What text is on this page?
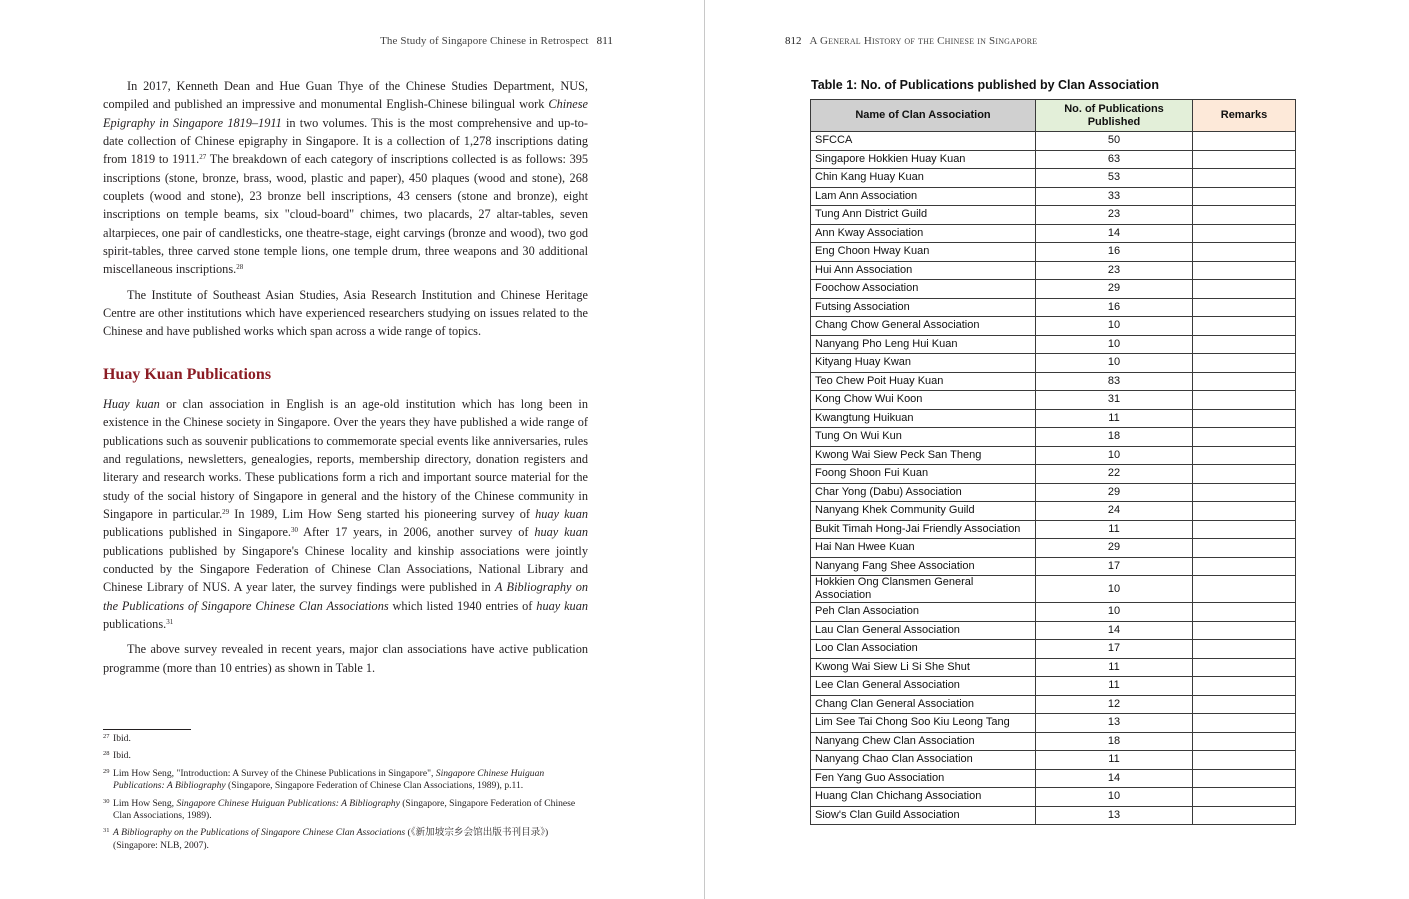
The Study of Singapore Chinese in Retrospect 811

In 2017, Kenneth Dean and Hue Guan Thye of the Chinese Studies Department, NUS, compiled and published an impressive and monumental English-Chinese bilingual work Chinese Epigraphy in Singapore 1819–1911 in two volumes. This is the most comprehensive and up-to-date collection of Chinese epigraphy in Singapore. It is a collection of 1,278 inscriptions dating from 1819 to 1911.27 The breakdown of each category of inscriptions collected is as follows: 395 inscriptions (stone, bronze, brass, wood, plastic and paper), 450 plaques (wood and stone), 268 couplets (wood and stone), 23 bronze bell inscriptions, 43 censers (stone and bronze), eight inscriptions on temple beams, six "cloud-board" chimes, two placards, 27 altar-tables, seven altarpieces, one pair of candlesticks, one theatre-stage, eight carvings (bronze and wood), two god spirit-tables, three carved stone temple lions, one temple drum, three weapons and 30 additional miscellaneous inscriptions.$^{28}$

The Institute of Southeast Asian Studies, Asia Research Institution and Chinese Heritage Centre are other institutions which have experienced researchers studying on issues related to the Chinese and have published works which span across a wide range of topics.

Huay Kuan Publications

Huay kuan or clan association in English is an age-old institution which has long been in existence in the Chinese society in Singapore. Over the years they have published a wide range of publications such as souvenir publications to commemorate special events like anniversaries, rules and regulations, newsletters, genealogies, reports, membership directory, donation registers and literary and research works. These publications form a rich and important source material for the study of the social history of Singapore in general and the history of the Chinese community in Singapore in particular.$^{29}$ In 1989, Lim How Seng started his pioneering survey of huay kuan publications published in Singapore.$^{30}$ After 17 years, in 2006, another survey of huay kuan publications published by Singapore's Chinese locality and kinship associations were jointly conducted by the Singapore Federation of Chinese Clan Associations, National Library and Chinese Library of NUS. A year later, the survey findings were published in A Bibliography on the Publications of Singapore Chinese Clan Associations which listed 1940 entries of huay kuan publications.$^{31}$

The above survey revealed in recent years, major clan associations have active publication programme (more than 10 entries) as shown in Table 1.

27 Ibid.
28 Ibid.
29 Lim How Seng, "Introduction: A Survey of the Chinese Publications in Singapore", Singapore Chinese Huiguan Publications: A Bibliography (Singapore, Singapore Federation of Chinese Clan Associations, 1989), p.11.
30 Lim How Seng, Singapore Chinese Huiguan Publications: A Bibliography (Singapore, Singapore Federation of Chinese Clan Associations, 1989).
31 A Bibliography on the Publications of Singapore Chinese Clan Associations (《新加坡宗乡会馆出版书刊目录》) (Singapore: NLB, 2007).
812 A General History of the Chinese in Singapore
Table 1: No. of Publications published by Clan Association
Name of Clan Association	No. of Publications Published	Remarks
SFCCA	50	
Singapore Hokkien Huay Kuan	63	
Chin Kang Huay Kuan	53	
Lam Ann Association	33	
Tung Ann District Guild	23	
Ann Kway Association	14	
Eng Choon Hway Kuan	16	
Hui Ann Association	23	
Foochow Association	29	
Futsing Association	16	
Chang Chow General Association	10	
Nanyang Pho Leng Hui Kuan	10	
Kityang Huay Kwan	10	
Teo Chew Poit Huay Kuan	83	
Kong Chow Wui Koon	31	
Kwangtung Huikuan	11	
Tung On Wui Kun	18	
Kwong Wai Siew Peck San Theng	10	
Foong Shoon Fui Kuan	22	
Char Yong (Dabu) Association	29	
Nanyang Khek Community Guild	24	
Bukit Timah Hong-Jai Friendly Association	11	
Hai Nan Hwee Kuan	29	
Nanyang Fang Shee Association	17	
Hokkien Ong Clansmen General Association	10	
Peh Clan Association	10	
Lau Clan General Association	14	
Loo Clan Association	17	
Kwong Wai Siew Li Si She Shut	11	
Lee Clan General Association	11	
Chang Clan General Association	12	
Lim See Tai Chong Soo Kiu Leong Tang	13	
Nanyang Chew Clan Association	18	
Nanyang Chao Clan Association	11	
Fen Yang Guo Association	14	
Huang Clan Chichang Association	10	
Siow's Clan Guild Association	13	
